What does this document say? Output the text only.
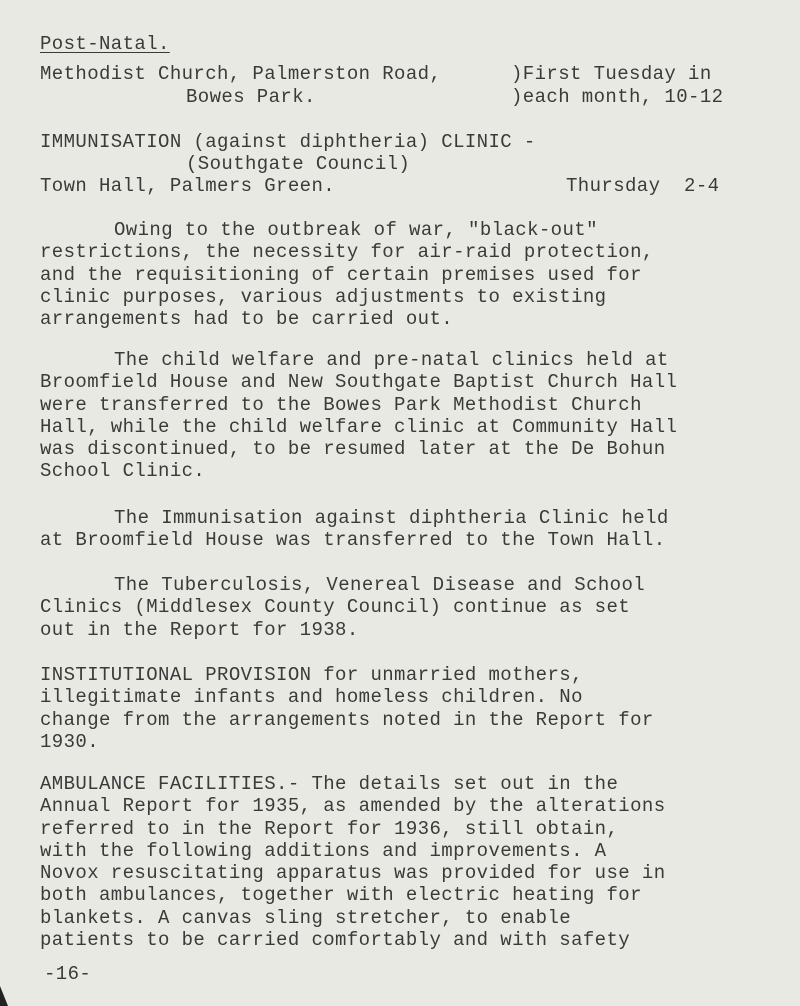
Post-Natal.
Methodist Church, Palmerston Road,	)First Tuesday in
Bowes Park.	)each month, 10-12
IMMUNISATION (against diphtheria) CLINIC -
(Southgate Council)
Town Hall, Palmers Green.	Thursday  2-4
Owing to the outbreak of war, "black-out"
restrictions, the necessity for air-raid protection,
and the requisitioning of certain premises used for
clinic purposes, various adjustments to existing
arrangements had to be carried out.
The child welfare and pre-natal clinics held at
Broomfield House and New Southgate Baptist Church Hall
were transferred to the Bowes Park Methodist Church
Hall, while the child welfare clinic at Community Hall
was discontinued, to be resumed later at the De Bohun
School Clinic.
The Immunisation against diphtheria Clinic held
at Broomfield House was transferred to the Town Hall.
The Tuberculosis, Venereal Disease and School
Clinics (Middlesex County Council) continue as set
out in the Report for 1938.
INSTITUTIONAL PROVISION for unmarried mothers,
illegitimate infants and homeless children. No
change from the arrangements noted in the Report for
1930.
AMBULANCE FACILITIES.- The details set out in the
Annual Report for 1935, as amended by the alterations
referred to in the Report for 1936, still obtain,
with the following additions and improvements. A
Novox resuscitating apparatus was provided for use in
both ambulances, together with electric heating for
blankets. A canvas sling stretcher, to enable
patients to be carried comfortably and with safety
-16-
